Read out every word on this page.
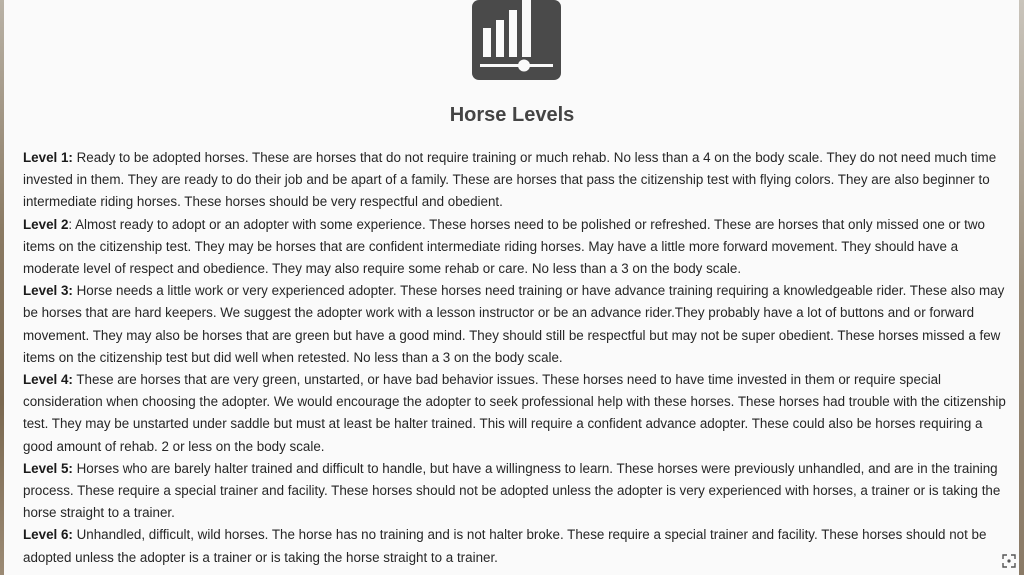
Horse Levels

Level 1: Ready to be adopted horses. These are horses that do not require training or much rehab. No less than a 4 on the body scale. They do not need much time invested in them. They are ready to do their job and be apart of a family. These are horses that pass the citizenship test with flying colors. They are also beginner to intermediate riding horses. These horses should be very respectful and obedient.

Level 2: Almost ready to adopt or an adopter with some experience. These horses need to be polished or refreshed. These are horses that only missed one or two items on the citizenship test. They may be horses that are confident intermediate riding horses. May have a little more forward movement. They should have a moderate level of respect and obedience. They may also require some rehab or care. No less than a 3 on the body scale.

Level 3: Horse needs a little work or very experienced adopter. These horses need training or have advance training requiring a knowledgeable rider. These also may be horses that are hard keepers. We suggest the adopter work with a lesson instructor or be an advance rider.They probably have a lot of buttons and or forward movement. They may also be horses that are green but have a good mind. They should still be respectful but may not be super obedient. These horses missed a few items on the citizenship test but did well when retested. No less than a 3 on the body scale.

Level 4: These are horses that are very green, unstarted, or have bad behavior issues. These horses need to have time invested in them or require special consideration when choosing the adopter. We would encourage the adopter to seek professional help with these horses. These horses had trouble with the citizenship test. They may be unstarted under saddle but must at least be halter trained. This will require a confident advance adopter. These could also be horses requiring a good amount of rehab. 2 or less on the body scale.

Level 5: Horses who are barely halter trained and difficult to handle, but have a willingness to learn. These horses were previously unhandled, and are in the training process. These require a special trainer and facility. These horses should not be adopted unless the adopter is very experienced with horses, a trainer or is taking the horse straight to a trainer.

Level 6: Unhandled, difficult, wild horses. The horse has no training and is not halter broke. These require a special trainer and facility. These horses should not be adopted unless the adopter is a trainer or is taking the horse straight to a trainer.
